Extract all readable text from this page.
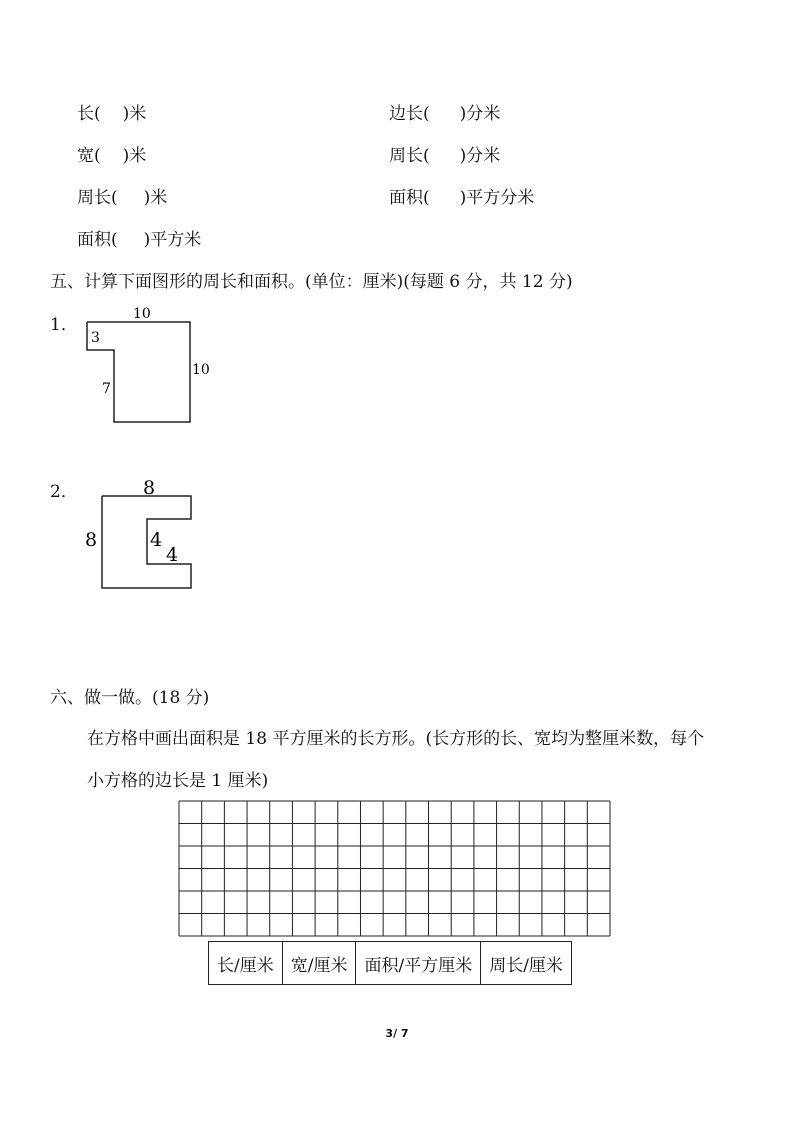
长( )米
宽( )米
周长( )米
面积( )平方米
边长( )分米
周长( )分米
面积( )平方分米
五、计算下面图形的周长和面积。(单位：厘米)(每题 6 分，共 12 分)
1．
10
3
7
10
2．	8
8	4
4
六、做一做。(18 分)
在方格中画出面积是 18 平方厘米的长方形。(长方形的长、宽均为整厘米数，每个
小方格的边长是 1 厘米)
长/厘米	宽/厘米	面积/平方厘米	周长/厘米
3/ 7
